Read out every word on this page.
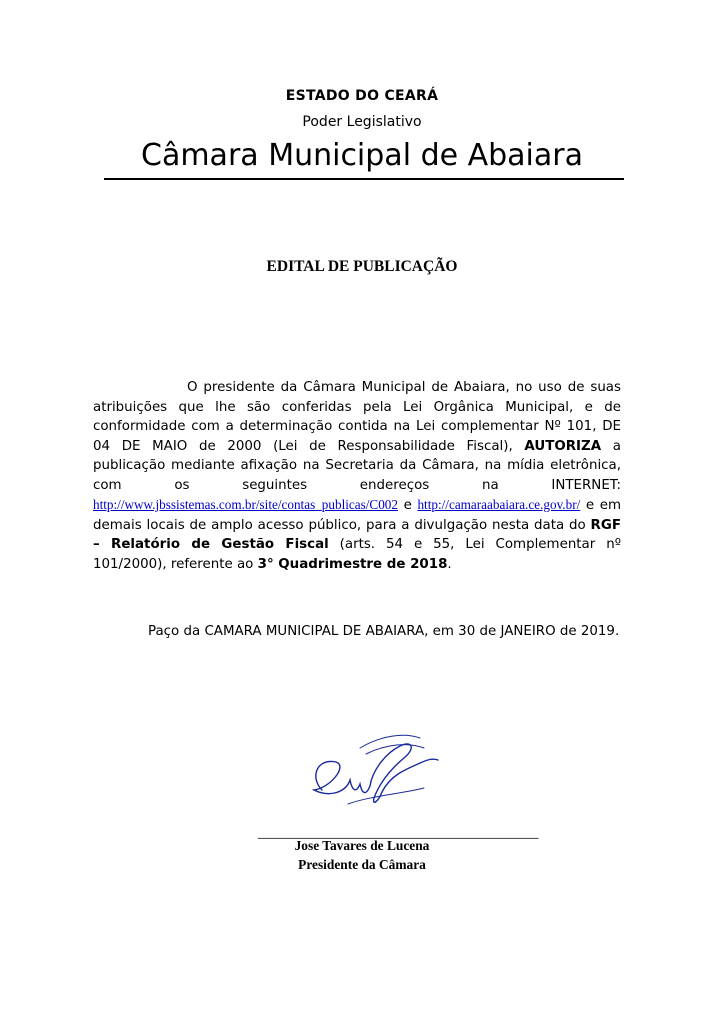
ESTADO DO CEARÁ
Poder Legislativo
Câmara Municipal de Abaiara
EDITAL DE PUBLICAÇÃO

O presidente da Câmara Municipal de Abaiara, no uso de suas atribuições que lhe são conferidas pela Lei Orgânica Municipal, e de conformidade com a determinação contida na Lei complementar Nº 101, DE 04 DE MAIO de 2000 (Lei de Responsabilidade Fiscal), AUTORIZA a publicação mediante afixação na Secretaria da Câmara, na mídia eletrônica, com os seguintes endereços na INTERNET: http://www.jbssistemas.com.br/site/contas_publicas/C002 e http://camaraabaiara.ce.gov.br/ e em demais locais de amplo acesso público, para a divulgação nesta data do RGF – Relatório de Gestão Fiscal (arts. 54 e 55, Lei Complementar nº 101/2000), referente ao 3° Quadrimestre de 2018.

Paço da CAMARA MUNICIPAL DE ABAIARA, em 30 de JANEIRO de 2019.
___________________________________________________
Jose Tavares de Lucena
Presidente da Câmara
